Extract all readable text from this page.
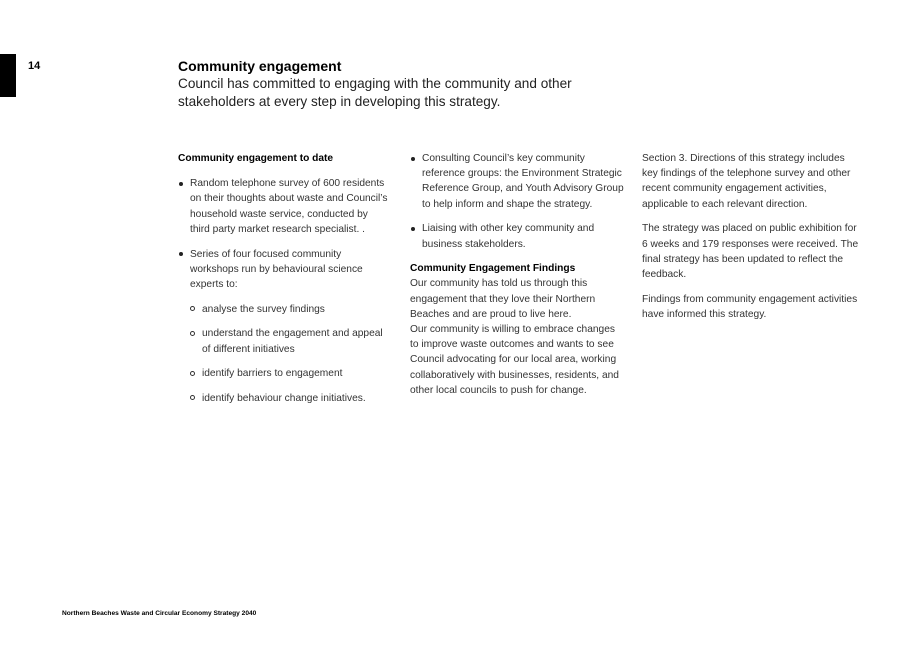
14	Community engagement

Council has committed to engaging with the community and other stakeholders at every step in developing this strategy.

Community engagement to date

Random telephone survey of 600 residents on their thoughts about waste and Council’s household waste service, conducted by third party market research specialist. .
Series of four focused community workshops run by behavioural science experts to:
analyse the survey findings
understand the engagement and appeal of different initiatives
identify barriers to engagement
identify behaviour change initiatives.
Consulting Council’s key community reference groups: the Environment Strategic Reference Group, and Youth Advisory Group to help inform and shape the strategy.
Liaising with other key community and business stakeholders.

Community Engagement Findings

Our community has told us through this engagement that they love their Northern Beaches and are proud to live here.

Our community is willing to embrace changes to improve waste outcomes and wants to see Council advocating for our local area, working collaboratively with businesses, residents, and other local councils to push for change.

Section 3. Directions of this strategy includes key findings of the telephone survey and other recent community engagement activities, applicable to each relevant direction.

The strategy was placed on public exhibition for 6 weeks and 179 responses were received. The final strategy has been updated to reflect the feedback.

Findings from community engagement activities have informed this strategy.

Northern Beaches Waste and Circular Economy Strategy 2040
